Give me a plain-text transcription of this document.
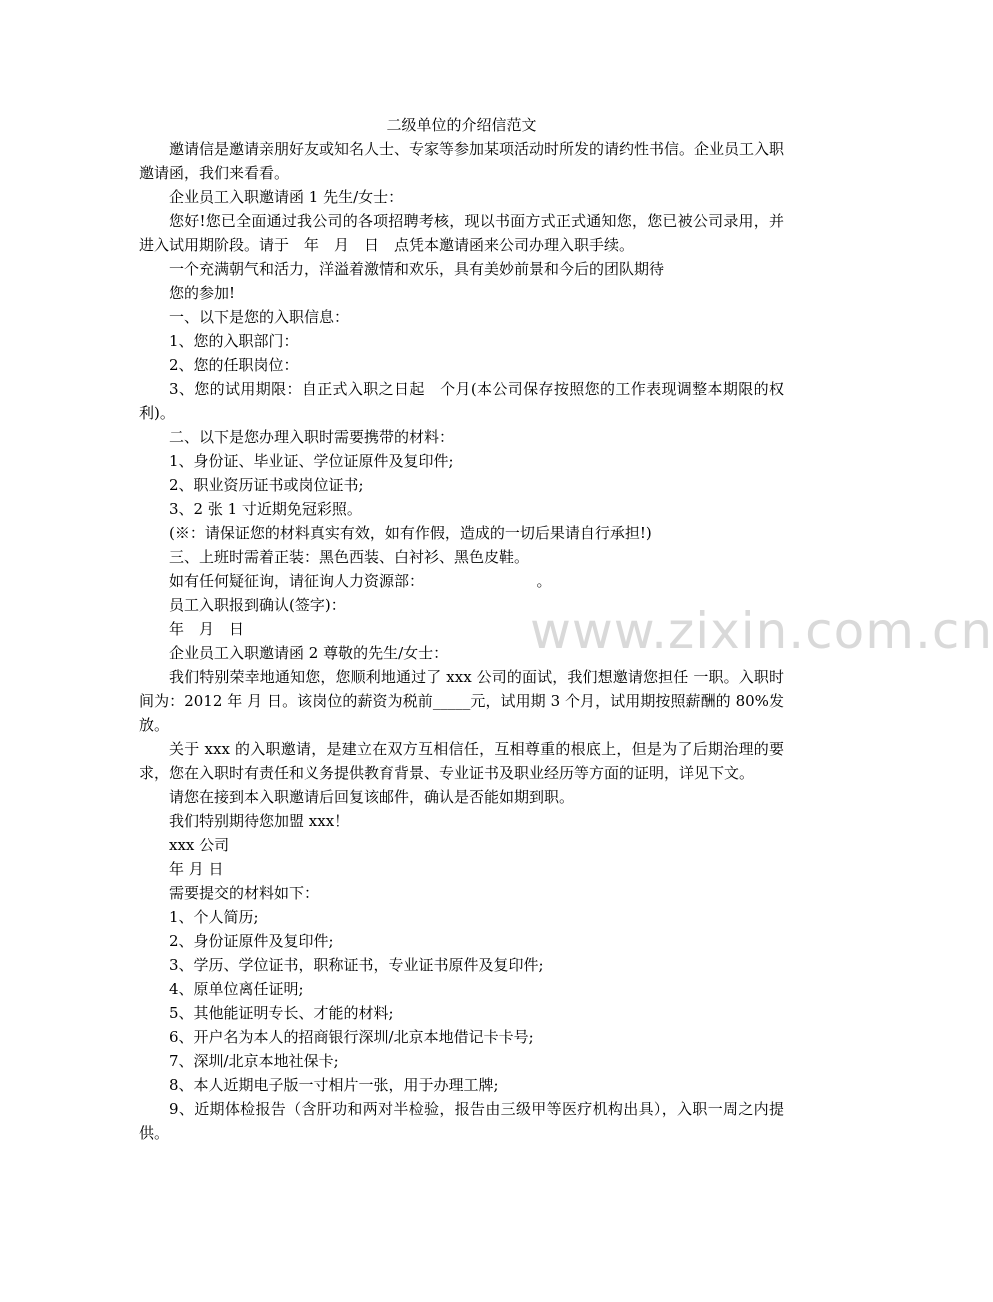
二级单位的介绍信范文

邀请信是邀请亲朋好友或知名人士、专家等参加某项活动时所发的请约性书信。企业员工入职邀请函，我们来看看。

企业员工入职邀请函 1 先生/女士：

您好!您已全面通过我公司的各项招聘考核，现以书面方式正式通知您，您已被公司录用，并进入试用期阶段。请于　年　月　日　点凭本邀请函来公司办理入职手续。

一个充满朝气和活力，洋溢着激情和欢乐，具有美妙前景和今后的团队期待

您的参加!

一、以下是您的入职信息：

1、您的入职部门：

2、您的任职岗位：

3、您的试用期限：自正式入职之日起　个月(本公司保存按照您的工作表现调整本期限的权利)。

二、以下是您办理入职时需要携带的材料：

1、身份证、毕业证、学位证原件及复印件;

2、职业资历证书或岗位证书;

3、2 张 1 寸近期免冠彩照。

(※：请保证您的材料真实有效，如有作假，造成的一切后果请自行承担!)

三、上班时需着正装：黑色西装、白衬衫、黑色皮鞋。

如有任何疑征询，请征询人力资源部：　　　　　　　　。

员工入职报到确认(签字)：

年　月　日

企业员工入职邀请函 2 尊敬的先生/女士：

我们特别荣幸地通知您，您顺利地通过了 xxx 公司的面试，我们想邀请您担任 一职。入职时间为：2012 年 月 日。该岗位的薪资为税前_____元，试用期 3 个月，试用期按照薪酬的 80%发放。

关于 xxx 的入职邀请，是建立在双方互相信任，互相尊重的根底上，但是为了后期治理的要求，您在入职时有责任和义务提供教育背景、专业证书及职业经历等方面的证明，详见下文。

请您在接到本入职邀请后回复该邮件，确认是否能如期到职。

我们特别期待您加盟 xxx！

xxx 公司

年 月 日

需要提交的材料如下：

1、个人简历;

2、身份证原件及复印件;

3、学历、学位证书，职称证书，专业证书原件及复印件;

4、原单位离任证明;

5、其他能证明专长、才能的材料;

6、开户名为本人的招商银行深圳/北京本地借记卡卡号;

7、深圳/北京本地社保卡;

8、本人近期电子版一寸相片一张，用于办理工牌;

9、近期体检报告（含肝功和两对半检验，报告由三级甲等医疗机构出具），入职一周之内提供。

www.zixin.com.cn
